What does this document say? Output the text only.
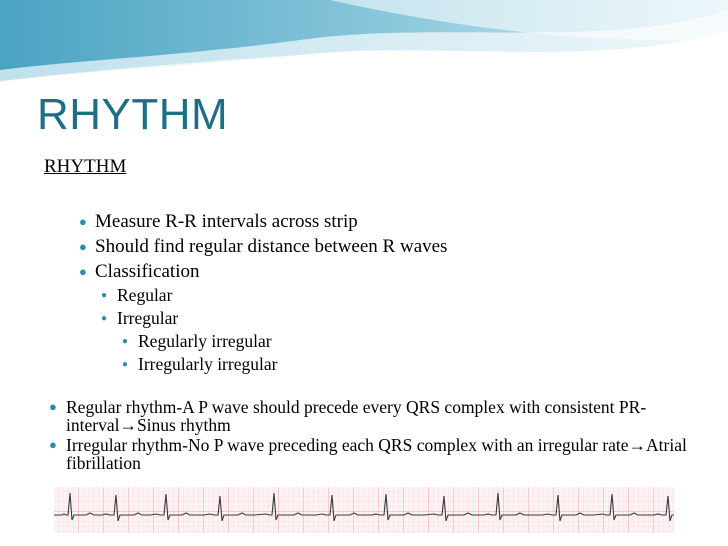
RHYTHM
RHYTHM
● Measure R-R intervals across strip
● Should find regular distance between R waves
● Classification
● Regular
● Irregular
● Regularly irregular
● Irregularly irregular
● Regular rhythm-A P wave should precede every QRS complex with consistent PR-interval→Sinus rhythm
● Irregular rhythm-No P wave preceding each QRS complex with an irregular rate→Atrial fibrillation
